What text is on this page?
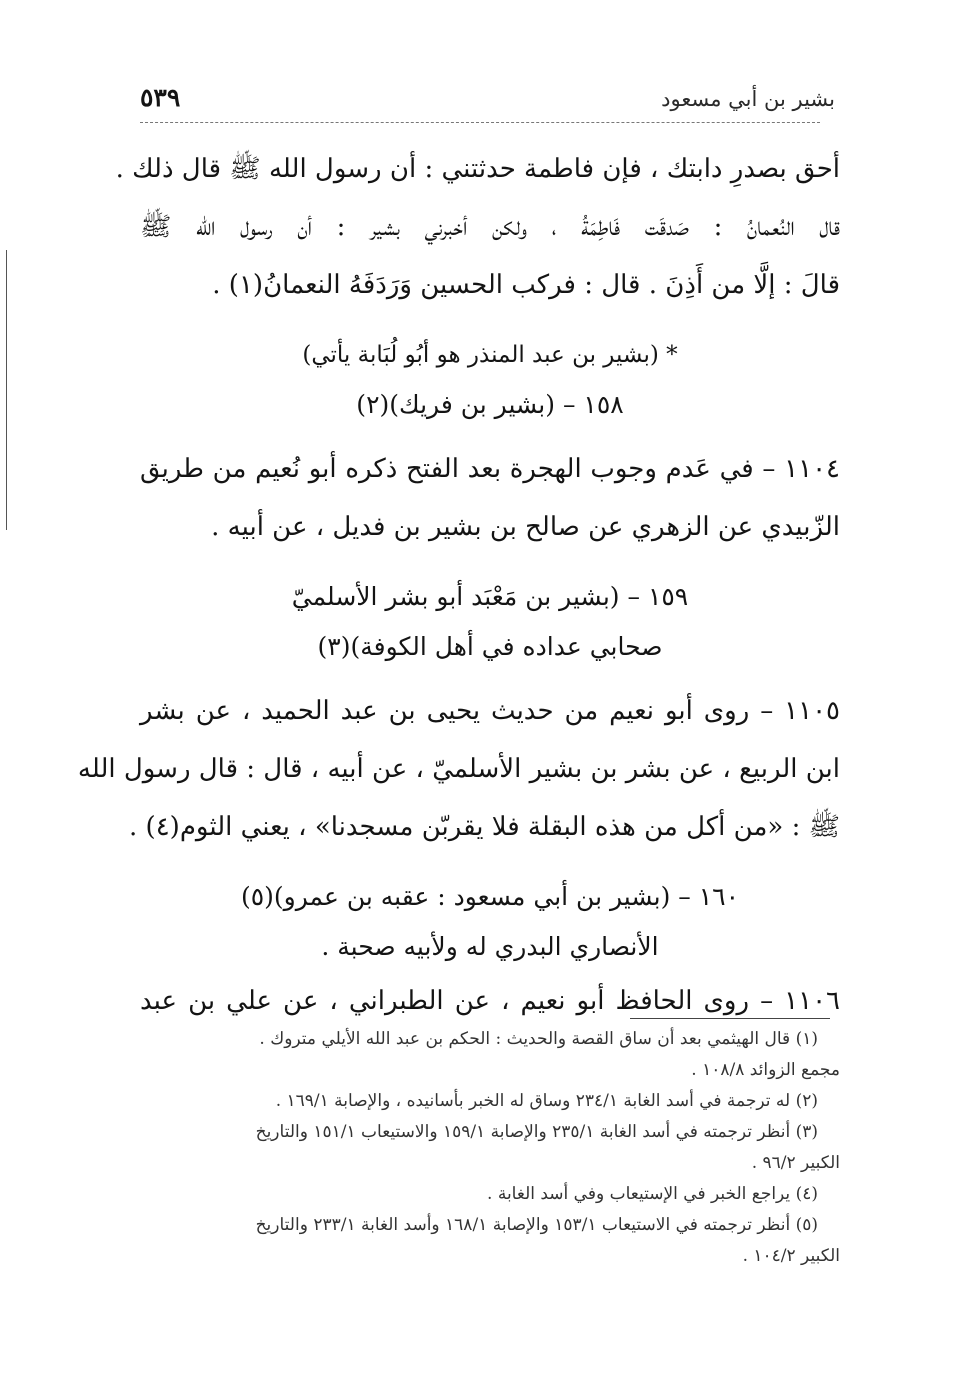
بشير بن أبي مسعود
٥٣٩
أحق بصدرِ دابتك ، فإن فاطمة حدثتني : أن رسول الله ﷺ قال ذلك .
قال النُعمانُ : صَدقَت فَاطِمَةُ ، ولكن أخبرني بشير : أن رسول الله ﷺ
قالَ : إلَّا من أَذِنَ . قال : فركب الحسين وَرَدَفَهُ النعمانُ(١) .
* (بشير بن عبد المنذر هو أبُو لُبَابة يأتي)
١٥٨ – (بشير بن فريك)(٢)
١١٠٤ – في عَدم وجوب الهجرة بعد الفتح ذكره أبو نُعيم من طريق
الزّبيدي عن الزهري عن صالح بن بشير بن فديل ، عن أبيه .
١٥٩ – (بشير بن مَعْبَد أبو بشر الأسلميّ
صحابي عداده في أهل الكوفة)(٣)
١١٠٥ – روى أبو نعيم من حديث يحيى بن عبد الحميد ، عن بشر
ابن الربيع ، عن بشر بن بشير الأسلميّ ، عن أبيه ، قال : قال رسول الله
ﷺ : «من أكل من هذه البقلة فلا يقربّن مسجدنا» ، يعني الثوم(٤) .
١٦٠ – (بشير بن أبي مسعود : عقبه بن عمرو)(٥)
الأنصاري البدري له ولأبيه صحبة .
١١٠٦ – روى الحافظ أبو نعيم ، عن الطبراني ، عن علي بن عبد
(١) قال الهيثمي بعد أن ساق القصة والحديث : الحكم بن عبد الله الأيلي متروك .
مجمع الزوائد ١٠٨/٨ .
(٢) له ترجمة في أسد الغابة ٢٣٤/١ وساق له الخبر بأسانيده ، والإصابة ١٦٩/١ .
(٣) أنظر ترجمته في أسد الغابة ٢٣٥/١ والإصابة ١٥٩/١ والاستيعاب ١٥١/١ والتاريخ
الكبير ٩٦/٢ .
(٤) يراجع الخبر في الإستيعاب وفي أسد الغابة .
(٥) أنظر ترجمته في الاستيعاب ١٥٣/١ والإصابة ١٦٨/١ وأسد الغابة ٢٣٣/١ والتاريخ
الكبير ١٠٤/٢ .
